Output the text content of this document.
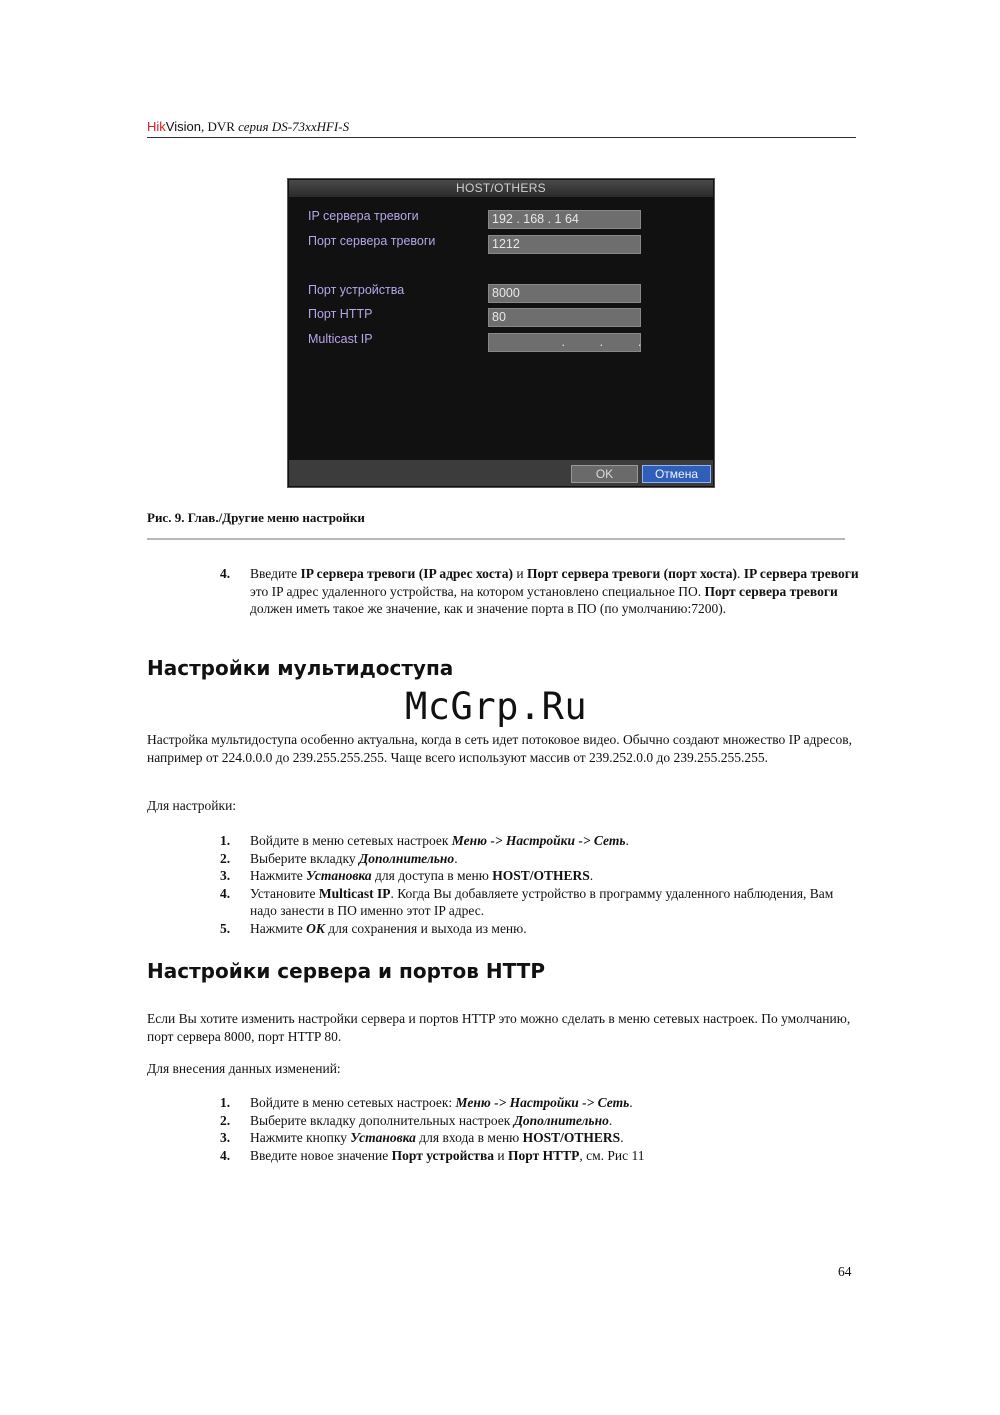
HikVision, DVR серия DS-73xxHFI-S
HOST/OTHERS
IP сервера тревоги	192 . 168 . 1 64
Порт сервера тревоги	1212
Порт устройства	8000
Порт HTTP	80
Multicast IP	.          .          .
OK	Отмена
Рис. 9. Глав./Другие меню настройки
4. Введите IP сервера тревоги (IP адрес хоста) и Порт сервера тревоги (порт хоста). IP сервера тревоги это IP адрес удаленного устройства, на котором установлено специальное ПО. Порт сервера тревоги должен иметь такое же значение, как и значение порта в ПО (по умолчанию:7200).
Настройки мультидоступа
McGrp.Ru
Настройка мультидоступа особенно актуальна, когда в сеть идет потоковое видео. Обычно создают множество IP адресов, например от 224.0.0.0 до 239.255.255.255. Чаще всего используют массив от 239.252.0.0 до 239.255.255.255.
Для настройки:
1. Войдите в меню сетевых настроек Меню -> Настройки -> Сеть.
2. Выберите вкладку Дополнительно.
3. Нажмите Установка для доступа в меню HOST/OTHERS.
4. Установите Multicast IP. Когда Вы добавляете устройство в программу удаленного наблюдения, Вам надо занести в ПО именно этот IP адрес.
5. Нажмите OK для сохранения и выхода из меню.
Настройки сервера и портов HTTP
Если Вы хотите изменить настройки сервера и портов HTTP это можно сделать в меню сетевых настроек. По умолчанию, порт сервера 8000, порт HTTP 80.
Для внесения данных изменений:
1. Войдите в меню сетевых настроек: Меню -> Настройки -> Сеть.
2. Выберите вкладку дополнительных настроек Дополнительно.
3. Нажмите кнопку Установка для входа в меню HOST/OTHERS.
4. Введите новое значение Порт устройства и Порт HTTP, см. Рис 11
64
